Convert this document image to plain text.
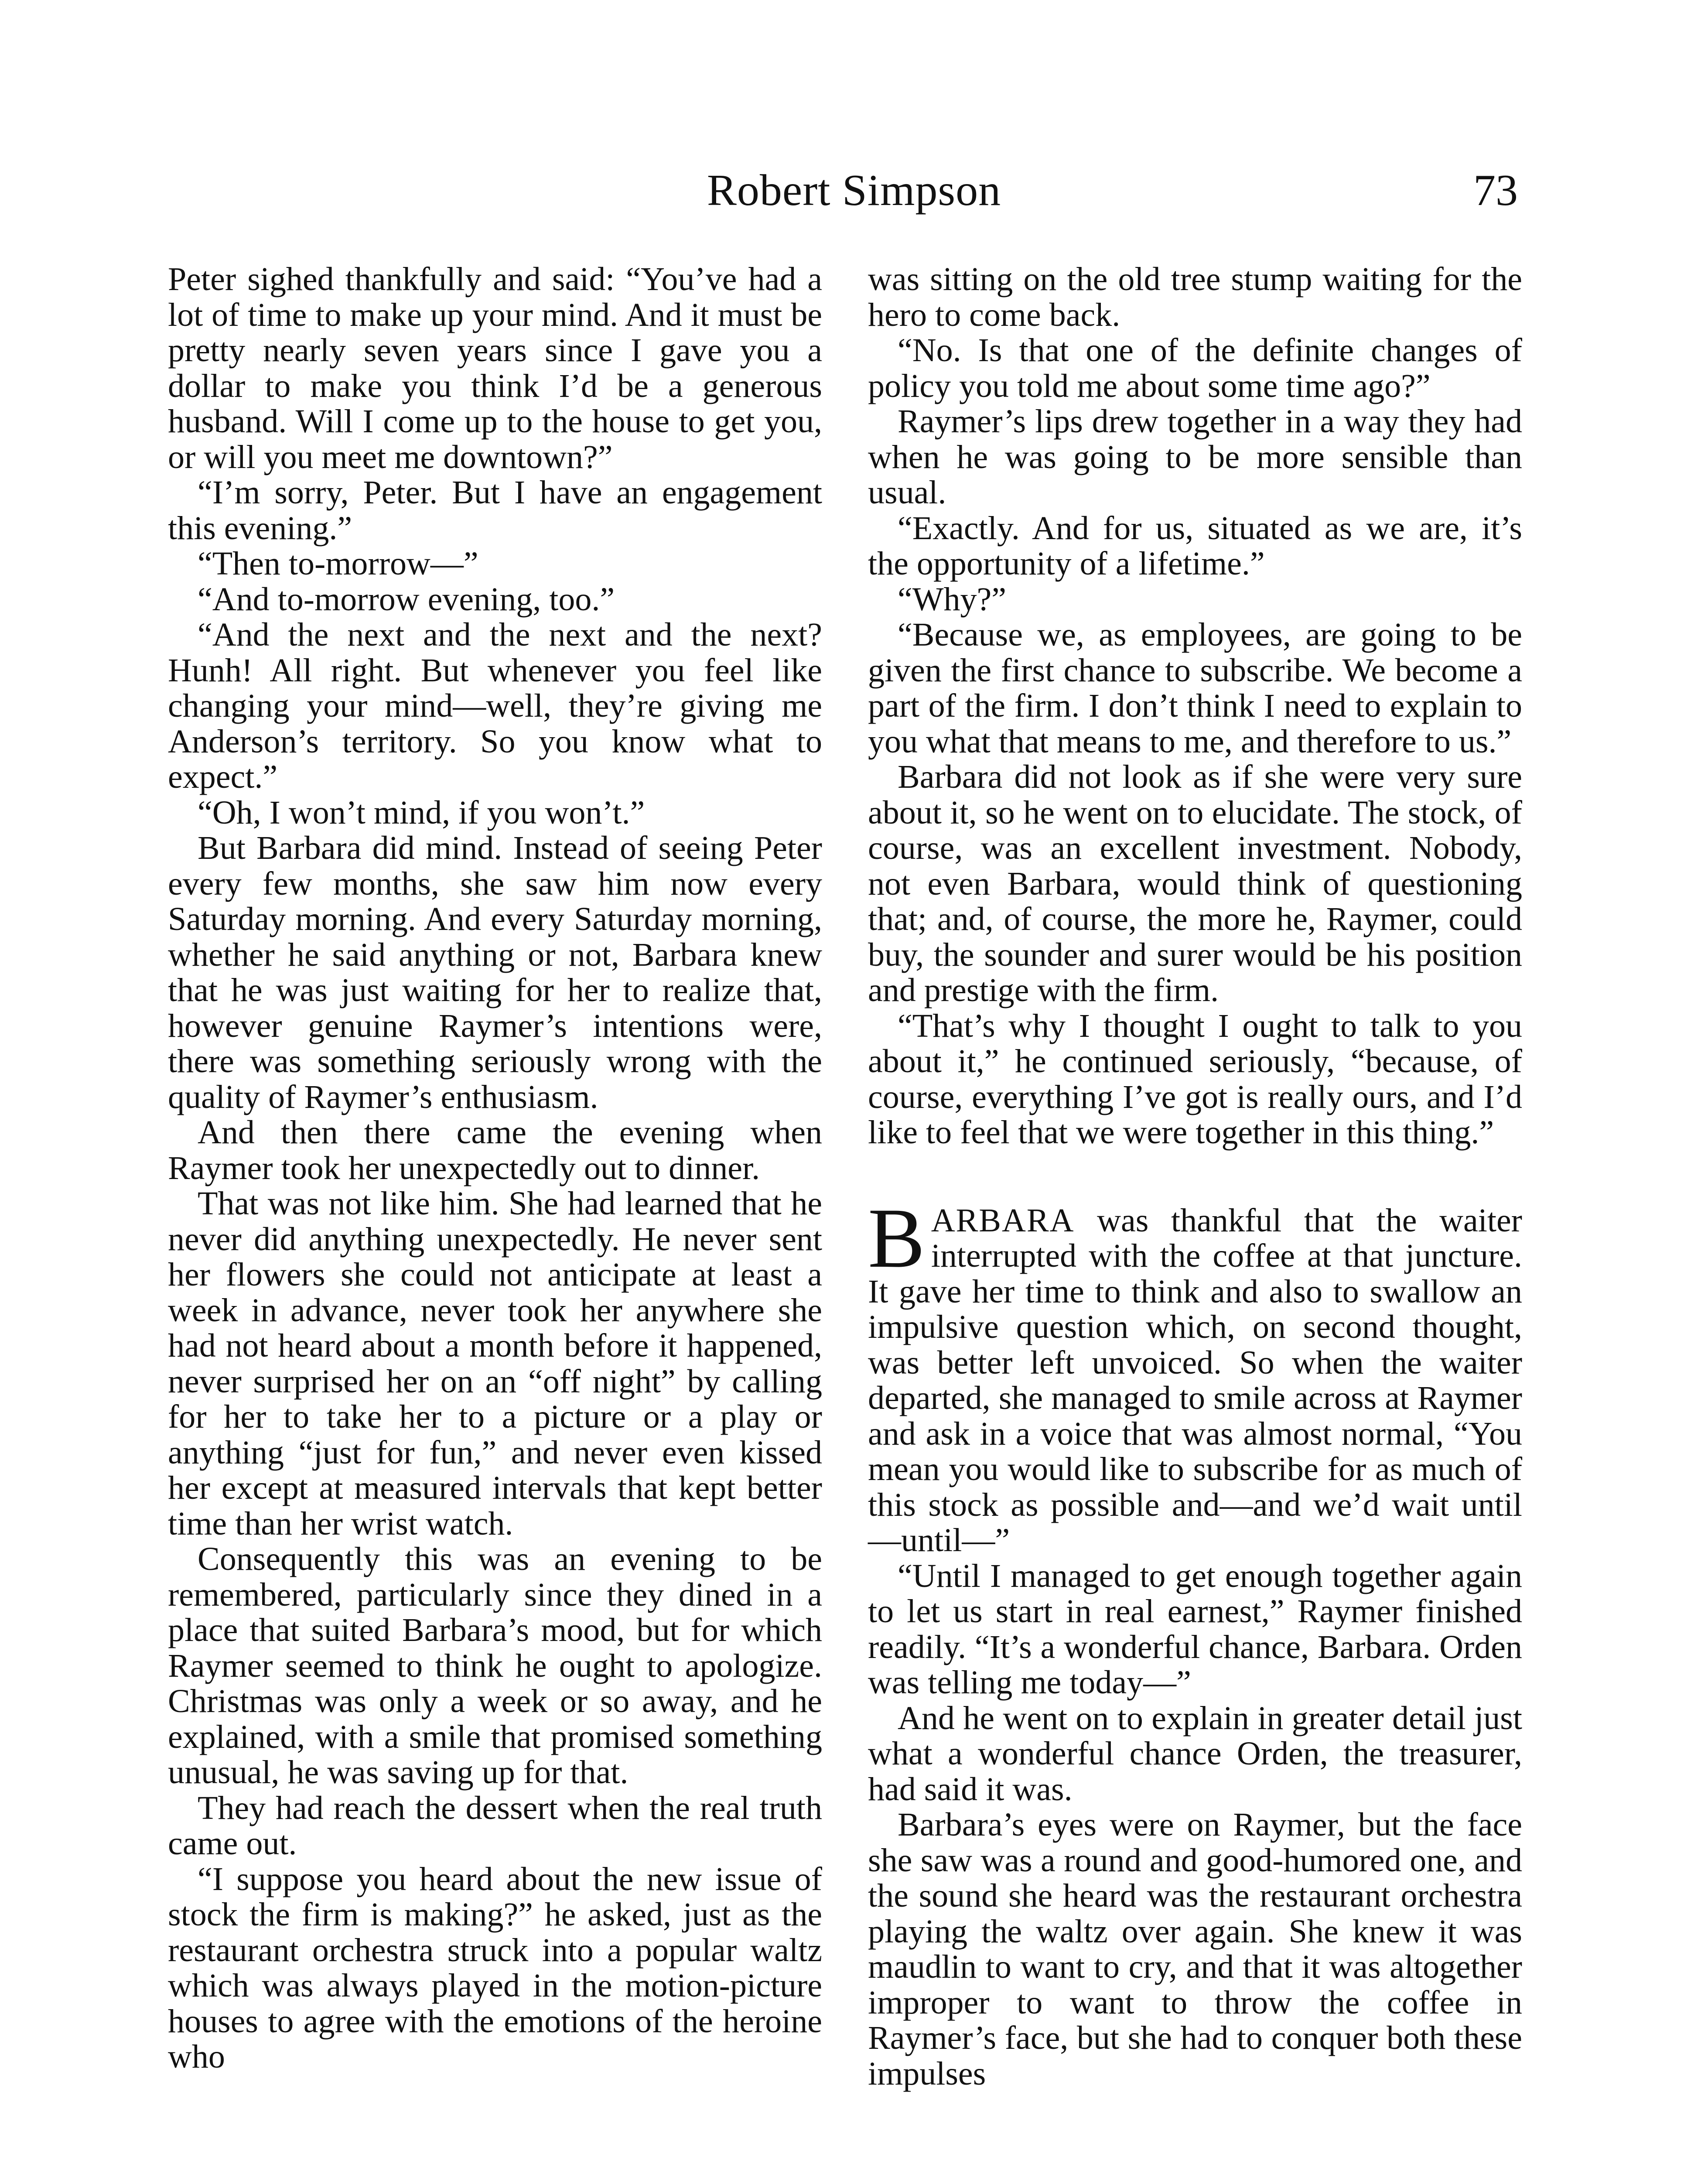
Robert Simpson	73

Peter sighed thankfully and said: “You’ve had a lot of time to make up your mind. And it must be pretty nearly seven years since I gave you a dollar to make you think I’d be a generous husband. Will I come up to the house to get you, or will you meet me downtown?”

“I’m sorry, Peter. But I have an engagement this evening.”

“Then to-morrow—”

“And to-morrow evening, too.”

“And the next and the next and the next? Hunh! All right. But whenever you feel like changing your mind—well, they’re giving me Anderson’s territory. So you know what to expect.”

“Oh, I won’t mind, if you won’t.”

But Barbara did mind. Instead of seeing Peter every few months, she saw him now every Saturday morning. And every Saturday morning, whether he said anything or not, Barbara knew that he was just waiting for her to realize that, however genuine Raymer’s intentions were, there was something seriously wrong with the quality of Raymer’s enthusiasm.

And then there came the evening when Raymer took her unexpectedly out to dinner.

That was not like him. She had learned that he never did anything unexpectedly. He never sent her flowers she could not anticipate at least a week in advance, never took her anywhere she had not heard about a month before it happened, never surprised her on an “off night” by calling for her to take her to a picture or a play or anything “just for fun,” and never even kissed her except at measured intervals that kept better time than her wrist watch.

Consequently this was an evening to be remembered, particularly since they dined in a place that suited Barbara’s mood, but for which Raymer seemed to think he ought to apologize. Christmas was only a week or so away, and he explained, with a smile that promised something unusual, he was saving up for that.

They had reach the dessert when the real truth came out.

“I suppose you heard about the new issue of stock the firm is making?” he asked, just as the restaurant orchestra struck into a popular waltz which was always played in the motion-picture houses to agree with the emotions of the heroine who

was sitting on the old tree stump waiting for the hero to come back.

“No. Is that one of the definite changes of policy you told me about some time ago?”

Raymer’s lips drew together in a way they had when he was going to be more sensible than usual.

“Exactly. And for us, situated as we are, it’s the opportunity of a lifetime.”

“Why?”

“Because we, as employees, are going to be given the first chance to subscribe. We become a part of the firm. I don’t think I need to explain to you what that means to me, and therefore to us.”

Barbara did not look as if she were very sure about it, so he went on to elucidate. The stock, of course, was an excellent investment. Nobody, not even Barbara, would think of questioning that; and, of course, the more he, Raymer, could buy, the sounder and surer would be his position and prestige with the firm.

“That’s why I thought I ought to talk to you about it,” he continued seriously, “because, of course, everything I’ve got is really ours, and I’d like to feel that we were together in this thing.”

BARBARA was thankful that the waiter interrupted with the coffee at that juncture. It gave her time to think and also to swallow an impulsive question which, on second thought, was better left unvoiced. So when the waiter departed, she managed to smile across at Raymer and ask in a voice that was almost normal, “You mean you would like to subscribe for as much of this stock as possible and—and we’d wait until —until—”

“Until I managed to get enough together again to let us start in real earnest,” Raymer finished readily. “It’s a wonderful chance, Barbara. Orden was telling me today—”

And he went on to explain in greater detail just what a wonderful chance Orden, the treasurer, had said it was.

Barbara’s eyes were on Raymer, but the face she saw was a round and good-humored one, and the sound she heard was the restaurant orchestra playing the waltz over again. She knew it was maudlin to want to cry, and that it was altogether improper to want to throw the coffee in Raymer’s face, but she had to conquer both these impulses
